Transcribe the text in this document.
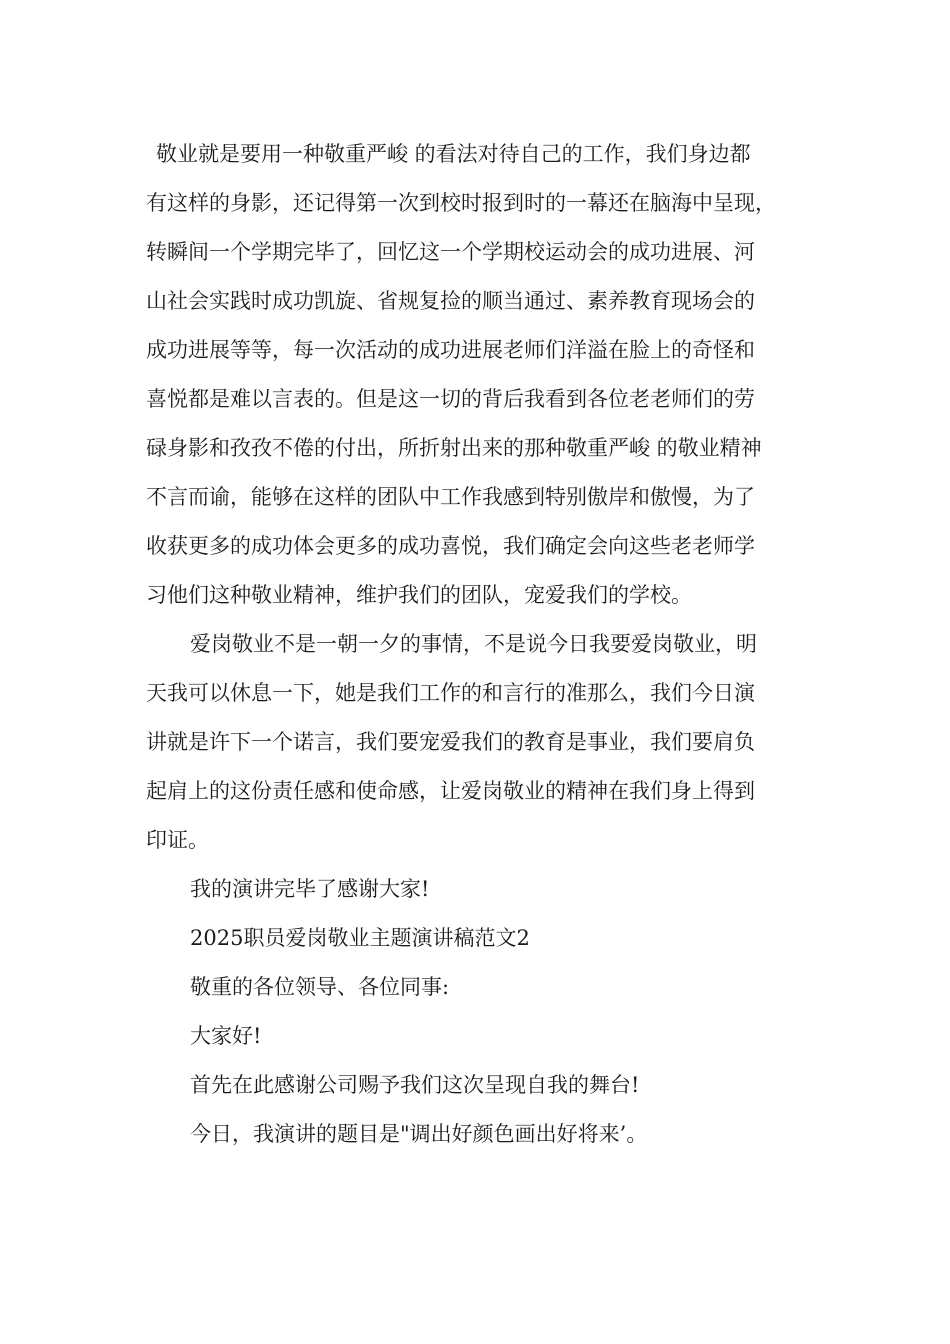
敬业就是要用一种敬重严峻 的看法对待自己的工作，我们身边都
有这样的身影，还记得第一次到校时报到时的一幕还在脑海中呈现，
转瞬间一个学期完毕了，回忆这一个学期校运动会的成功进展、河
山社会实践时成功凯旋、省规复捡的顺当通过、素养教育现场会的
成功进展等等，每一次活动的成功进展老师们洋溢在脸上的奇怪和
喜悦都是难以言表的。但是这一切的背后我看到各位老老师们的劳
碌身影和孜孜不倦的付出，所折射出来的那种敬重严峻 的敬业精神
不言而谕，能够在这样的团队中工作我感到特别傲岸和傲慢，为了
收获更多的成功体会更多的成功喜悦，我们确定会向这些老老师学
习他们这种敬业精神，维护我们的团队，宠爱我们的学校。
爱岗敬业不是一朝一夕的事情，不是说今日我要爱岗敬业，明
天我可以休息一下，她是我们工作的和言行的准那么，我们今日演
讲就是许下一个诺言，我们要宠爱我们的教育是事业，我们要肩负
起肩上的这份责任感和使命感，让爱岗敬业的精神在我们身上得到
印证。
我的演讲完毕了感谢大家!
2025职员爱岗敬业主题演讲稿范文2
敬重的各位领导、各位同事:
大家好!
首先在此感谢公司赐予我们这次呈现自我的舞台!
今日，我演讲的题目是"调出好颜色画出好将来’。
